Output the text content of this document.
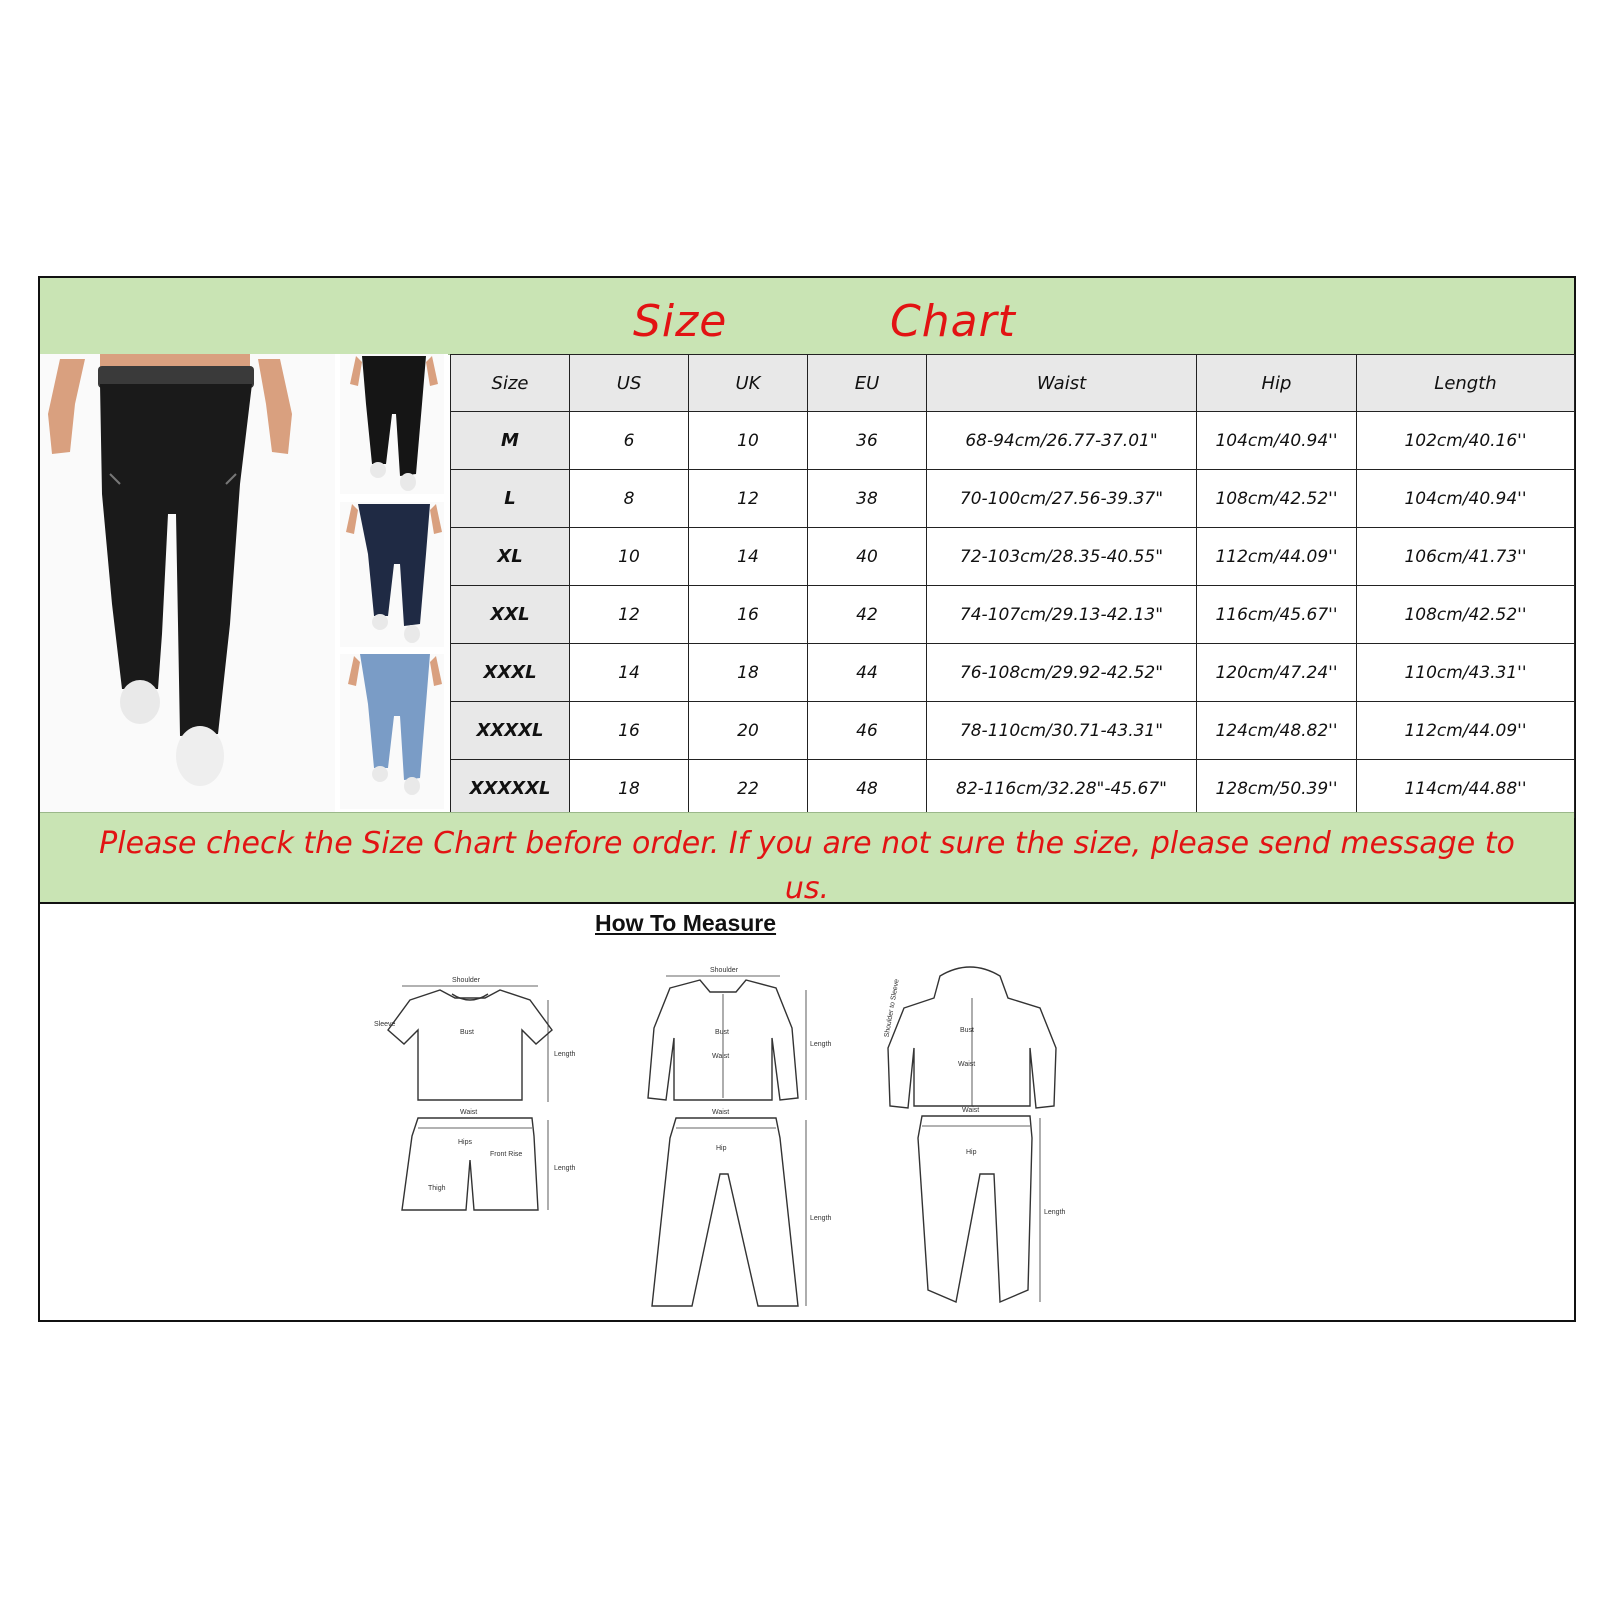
Size	Chart
Size	US	UK	EU	Waist	Hip	Length
M	6	10	36	68-94cm/26.77-37.01"	104cm/40.94''	102cm/40.16''
L	8	12	38	70-100cm/27.56-39.37"	108cm/42.52''	104cm/40.94''
XL	10	14	40	72-103cm/28.35-40.55"	112cm/44.09''	106cm/41.73''
XXL	12	16	42	74-107cm/29.13-42.13"	116cm/45.67''	108cm/42.52''
XXXL	14	18	44	76-108cm/29.92-42.52"	120cm/47.24''	110cm/43.31''
XXXXL	16	20	46	78-110cm/30.71-43.31"	124cm/48.82''	112cm/44.09''
XXXXXL	18	22	48	82-116cm/32.28"-45.67"	128cm/50.39''	114cm/44.88''
Please check the Size Chart before order. If you are not sure the size, please send message to us.
How To Measure
Shoulder
Bust
Length
Sleeve
Waist
Hips
Front Rise
Thigh
Length
Shoulder
Bust
Waist
Length
Waist
Hip
Length
Bust
Waist
Shoulder to Sleeve
Waist
Hip
Length
